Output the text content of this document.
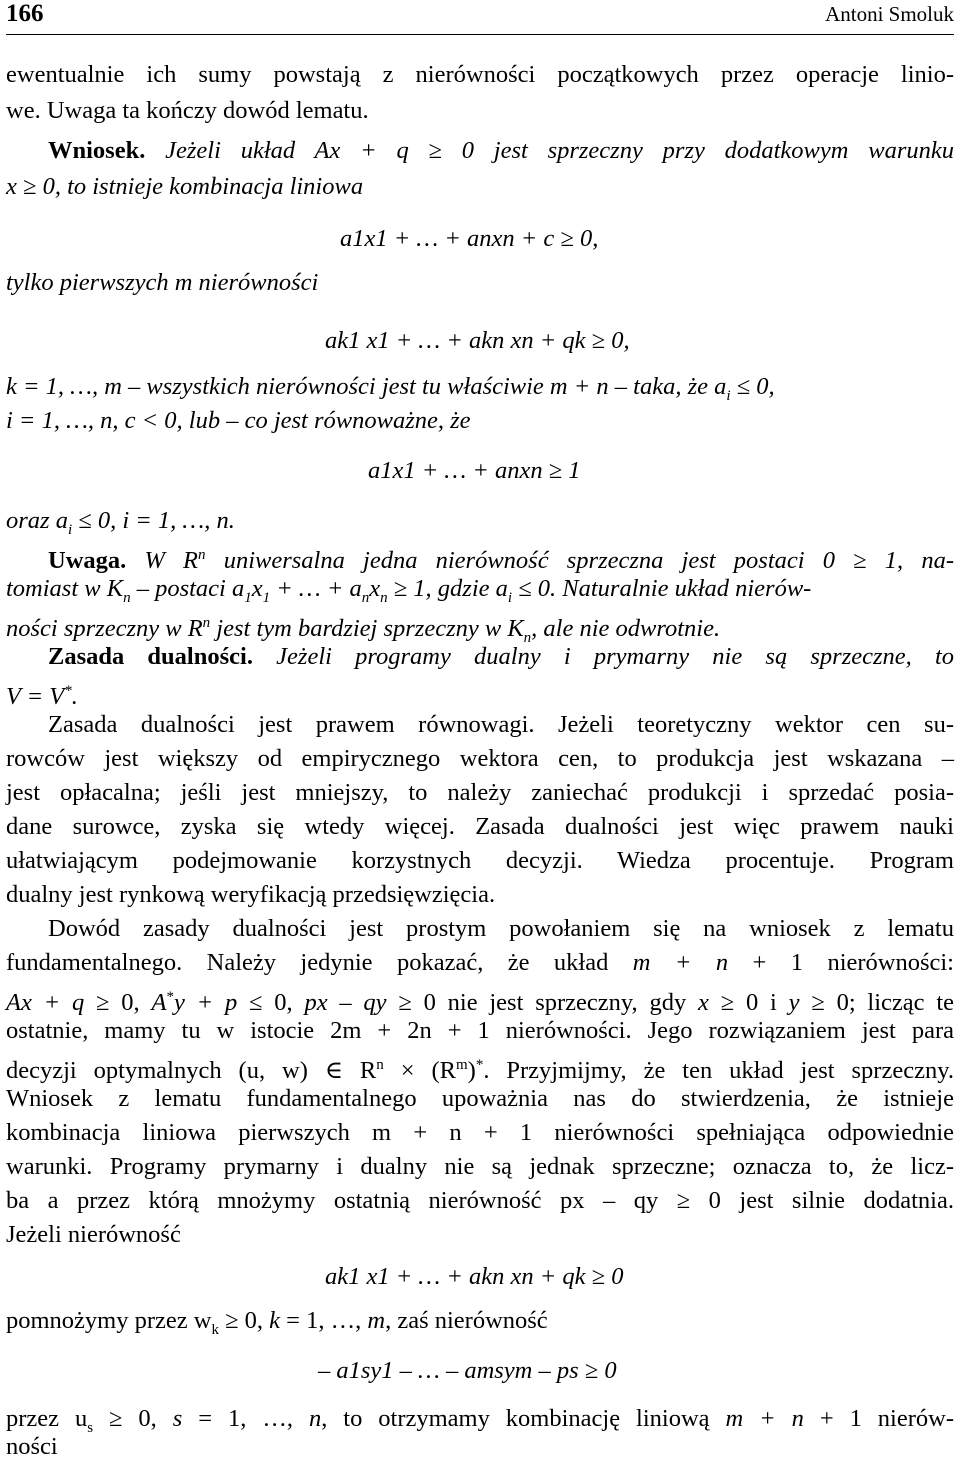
166	Antoni Smoluk
ewentualnie ich sumy powstają z nierówności początkowych przez operacje linio-
we. Uwaga ta kończy dowód lematu.
Wniosek. Jeżeli układ Ax + q ≥ 0 jest sprzeczny przy dodatkowym warunku
x ≥ 0, to istnieje kombinacja liniowa
a1x1 + … + anxn + c ≥ 0,
tylko pierwszych m nierówności
ak1 x1 + … + akn xn + qk ≥ 0,
k = 1, …, m – wszystkich nierówności jest tu właściwie m + n – taka, że $a_i \le 0$,
i = 1, …, n, c < 0, lub – co jest równoważne, że
a1x1 + … + anxn ≥ 1
oraz $a_i \le 0$, i = 1, …, n.
Uwaga. W $R^n$ uniwersalna jedna nierówność sprzeczna jest postaci 0 ≥ 1, na-
tomiast w $K_n$ – postaci $a_1x_1$ + … + $a_nx_n \ge 1$, gdzie $a_i \le 0$. Naturalnie układ nierów-
ności sprzeczny w $R^n$ jest tym bardziej sprzeczny w $K_n$, ale nie odwrotnie.
Zasada dualności. Jeżeli programy dualny i prymarny nie są sprzeczne, to
V = V*.
Zasada dualności jest prawem równowagi. Jeżeli teoretyczny wektor cen su-
rowców jest większy od empirycznego wektora cen, to produkcja jest wskazana –
jest opłacalna; jeśli jest mniejszy, to należy zaniechać produkcji i sprzedać posia-
dane surowce, zyska się wtedy więcej. Zasada dualności jest więc prawem nauki
ułatwiającym podejmowanie korzystnych decyzji. Wiedza procentuje. Program
dualny jest rynkową weryfikacją przedsięwzięcia.
Dowód zasady dualności jest prostym powołaniem się na wniosek z lematu
fundamentalnego. Należy jedynie pokazać, że układ m + n + 1 nierówności:
Ax + q ≥ 0, A*y + p ≤ 0, px – qy ≥ 0 nie jest sprzeczny, gdy x ≥ 0 i y ≥ 0; licząc te
ostatnie, mamy tu w istocie 2m + 2n + 1 nierówności. Jego rozwiązaniem jest para
decyzji optymalnych (u, w) ∈ $R^n \times (R^m)^*$. Przyjmijmy, że ten układ jest sprzeczny.
Wniosek z lematu fundamentalnego upoważnia nas do stwierdzenia, że istnieje
kombinacja liniowa pierwszych m + n + 1 nierówności spełniająca odpowiednie
warunki. Programy prymarny i dualny nie są jednak sprzeczne; oznacza to, że licz-
ba a przez którą mnożymy ostatnią nierówność px – qy ≥ 0 jest silnie dodatnia.
Jeżeli nierówność
ak1 x1 + … + akn xn + qk ≥ 0
pomnożymy przez $w_k \ge 0$, k = 1, …, m, zaś nierówność
– a1sy1 – … – amsym – ps ≥ 0
przez $u_s \ge 0$, s = 1, …, n, to otrzymamy kombinację liniową m + n + 1 nierów-
ności
